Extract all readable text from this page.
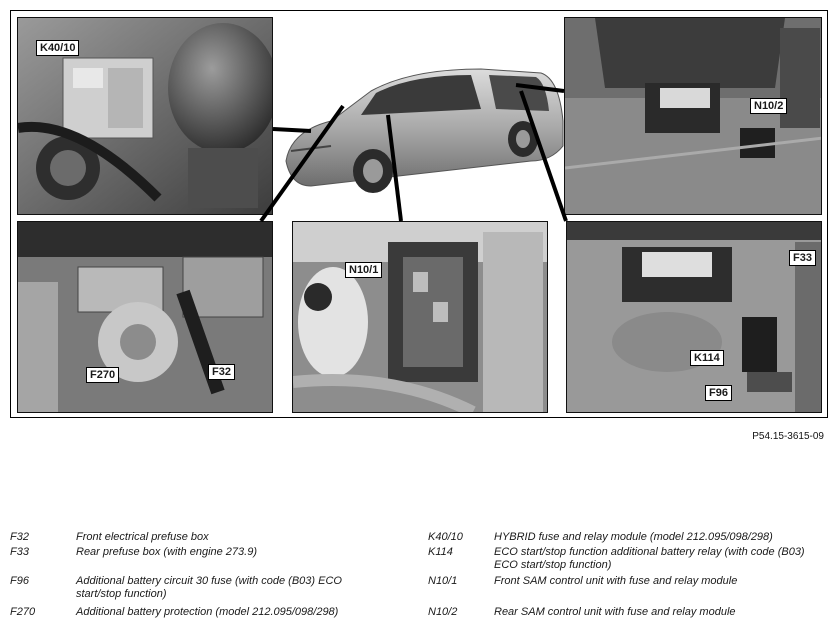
K40/10
N10/2
F270	F32
N10/1
F33
K114
F96
P54.15-3615-09
F32	Front electrical prefuse box
F33	Rear prefuse box (with engine 273.9)
F96	Additional battery circuit 30 fuse (with code (B03) ECO start/stop function)
F270	Additional battery protection (model 212.095/098/298)
K40/10	HYBRID fuse and relay module (model 212.095/098/298)
K114	ECO start/stop function additional battery relay (with code (B03) ECO start/stop function)
N10/1	Front SAM control unit with fuse and relay module
N10/2	Rear SAM control unit with fuse and relay module
